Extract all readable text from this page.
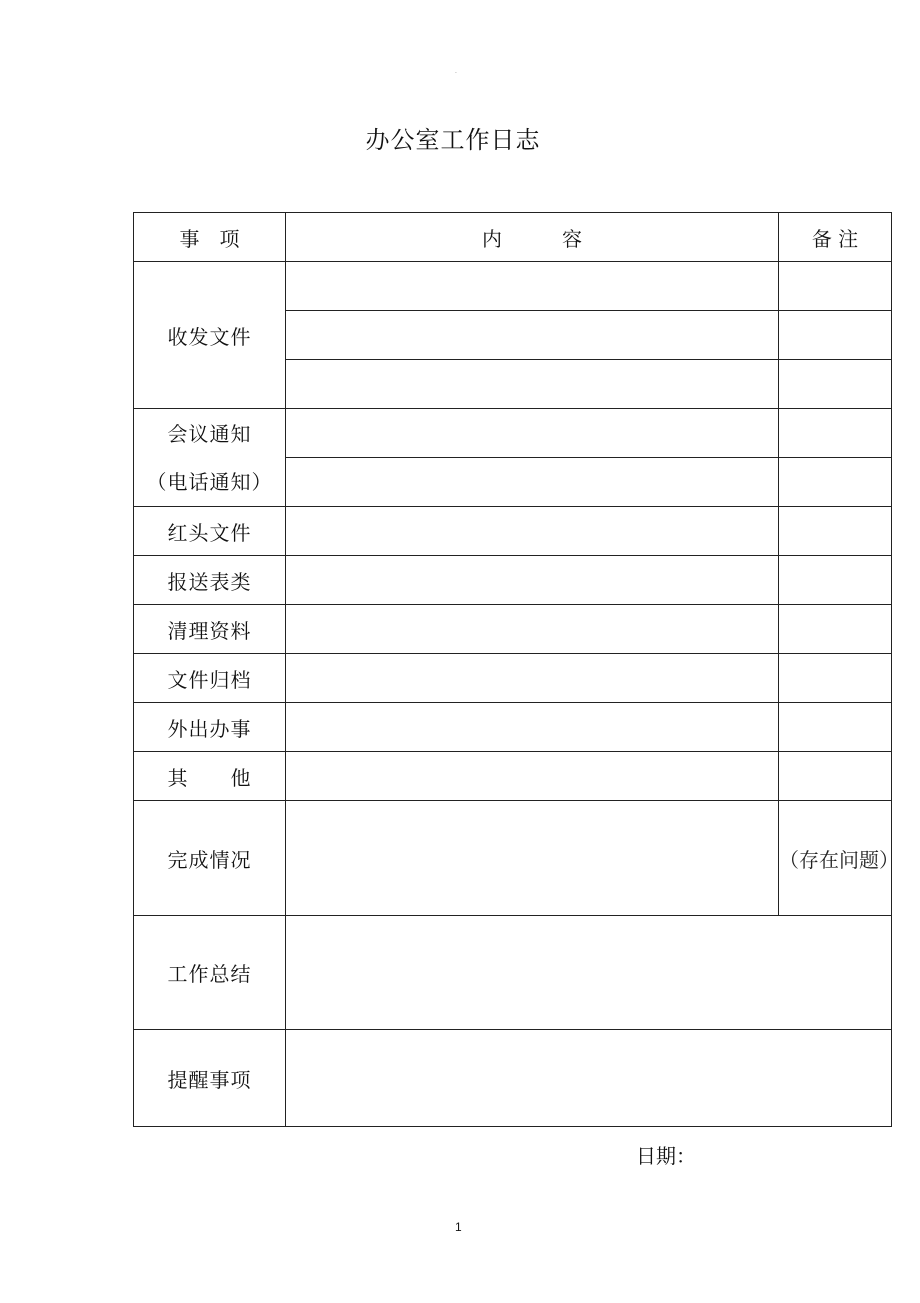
·
办公室工作日志
事　项	内　　　容	备 注
收发文件		

会议通知
（电话通知）		

红头文件		
报送表类		
清理资料		
文件归档		
外出办事		
其　　他		
完成情况		（存在问题）
工作总结		
提醒事项		
日期：
1
